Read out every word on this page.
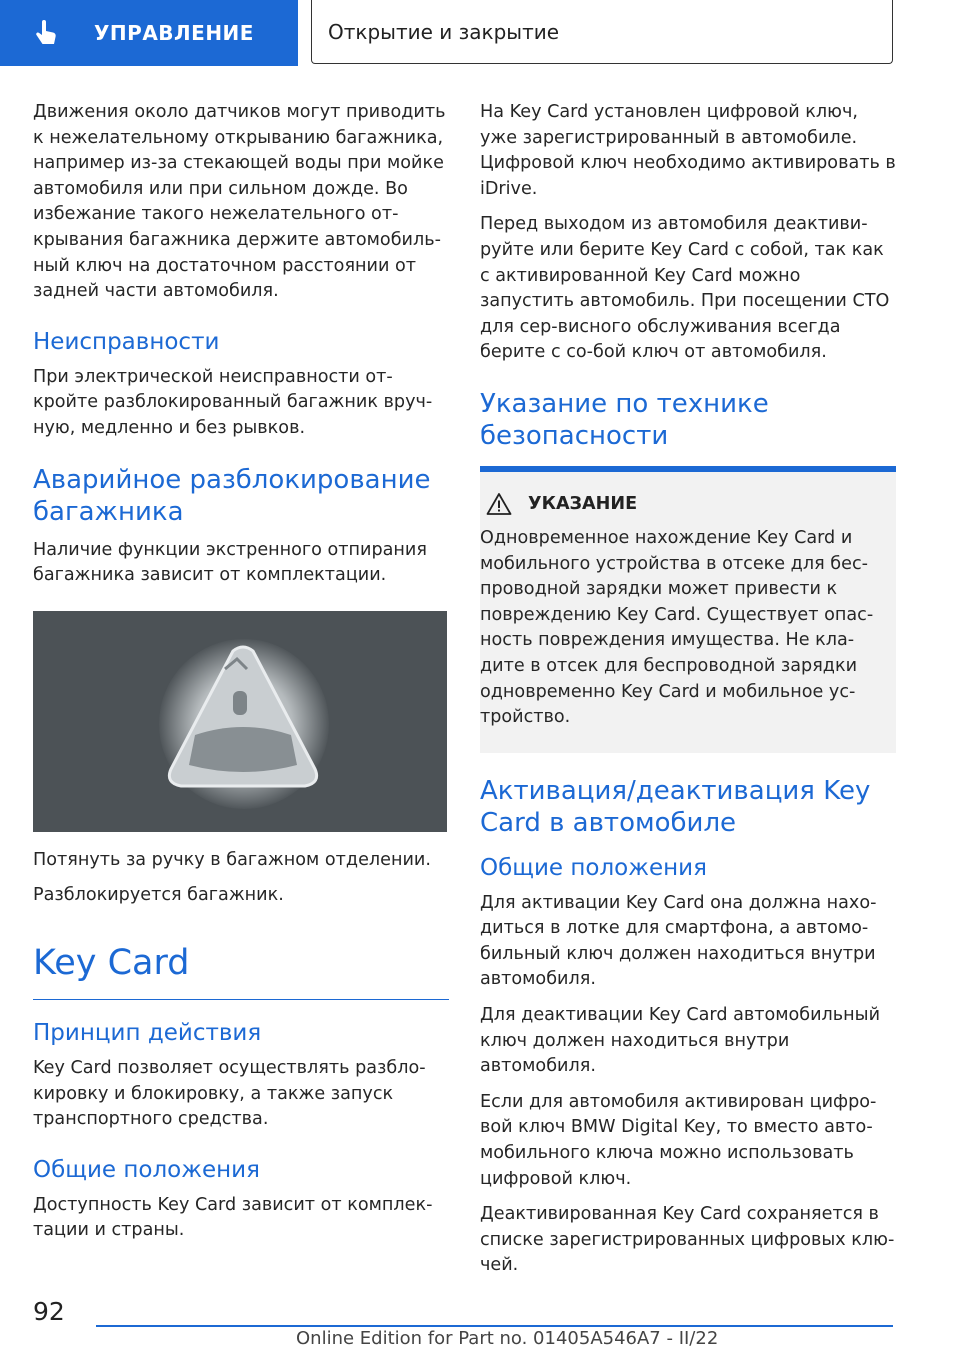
УПРАВЛЕНИЕ	Открытие и закрытие

Движения около датчиков могут приводить к нежелательному открыванию багажника, например из-за стекающей воды при мойке автомобиля или при сильном дожде. Во избежание такого нежелательного от-крывания багажника держите автомобиль-ный ключ на достаточном расстоянии от задней части автомобиля.

Неисправности

При электрической неисправности от-кройте разблокированный багажник вруч-ную, медленно и без рывков.

Аварийное разблокирование багажника

Наличие функции экстренного отпирания багажника зависит от комплектации.

Потянуть за ручку в багажном отделении.

Разблокируется багажник.

Key Card
Принцип действия

Key Card позволяет осуществлять разбло-кировку и блокировку, а также запуск транспортного средства.

Общие положения

Доступность Key Card зависит от комплек-тации и страны.

На Key Card установлен цифровой ключ, уже зарегистрированный в автомобиле. Цифровой ключ необходимо активировать в iDrive.

Перед выходом из автомобиля деактиви-руйте или берите Key Card с собой, так как с активированной Key Card можно запустить автомобиль. При посещении СТО для сер-висного обслуживания всегда берите с со-бой ключ от автомобиля.

Указание по технике безопасности
УКАЗАНИЕ

Одновременное нахождение Key Card и мобильного устройства в отсеке для бес-проводной зарядки может привести к повреждению Key Card. Существует опас-ность повреждения имущества. Не кла-дите в отсек для беспроводной зарядки одновременно Key Card и мобильное ус-тройство.

Активация/деактивация Key Card в автомобиле
Общие положения

Для активации Key Card она должна нахо-диться в лотке для смартфона, а автомо-бильный ключ должен находиться внутри автомобиля.

Для деактивации Key Card автомобильный ключ должен находиться внутри автомобиля.

Если для автомобиля активирован цифро-вой ключ BMW Digital Key, то вместо авто-мобильного ключа можно использовать цифровой ключ.

Деактивированная Key Card сохраняется в списке зарегистрированных цифровых клю-чей.

92
Online Edition for Part no. 01405A546A7 - II/22
